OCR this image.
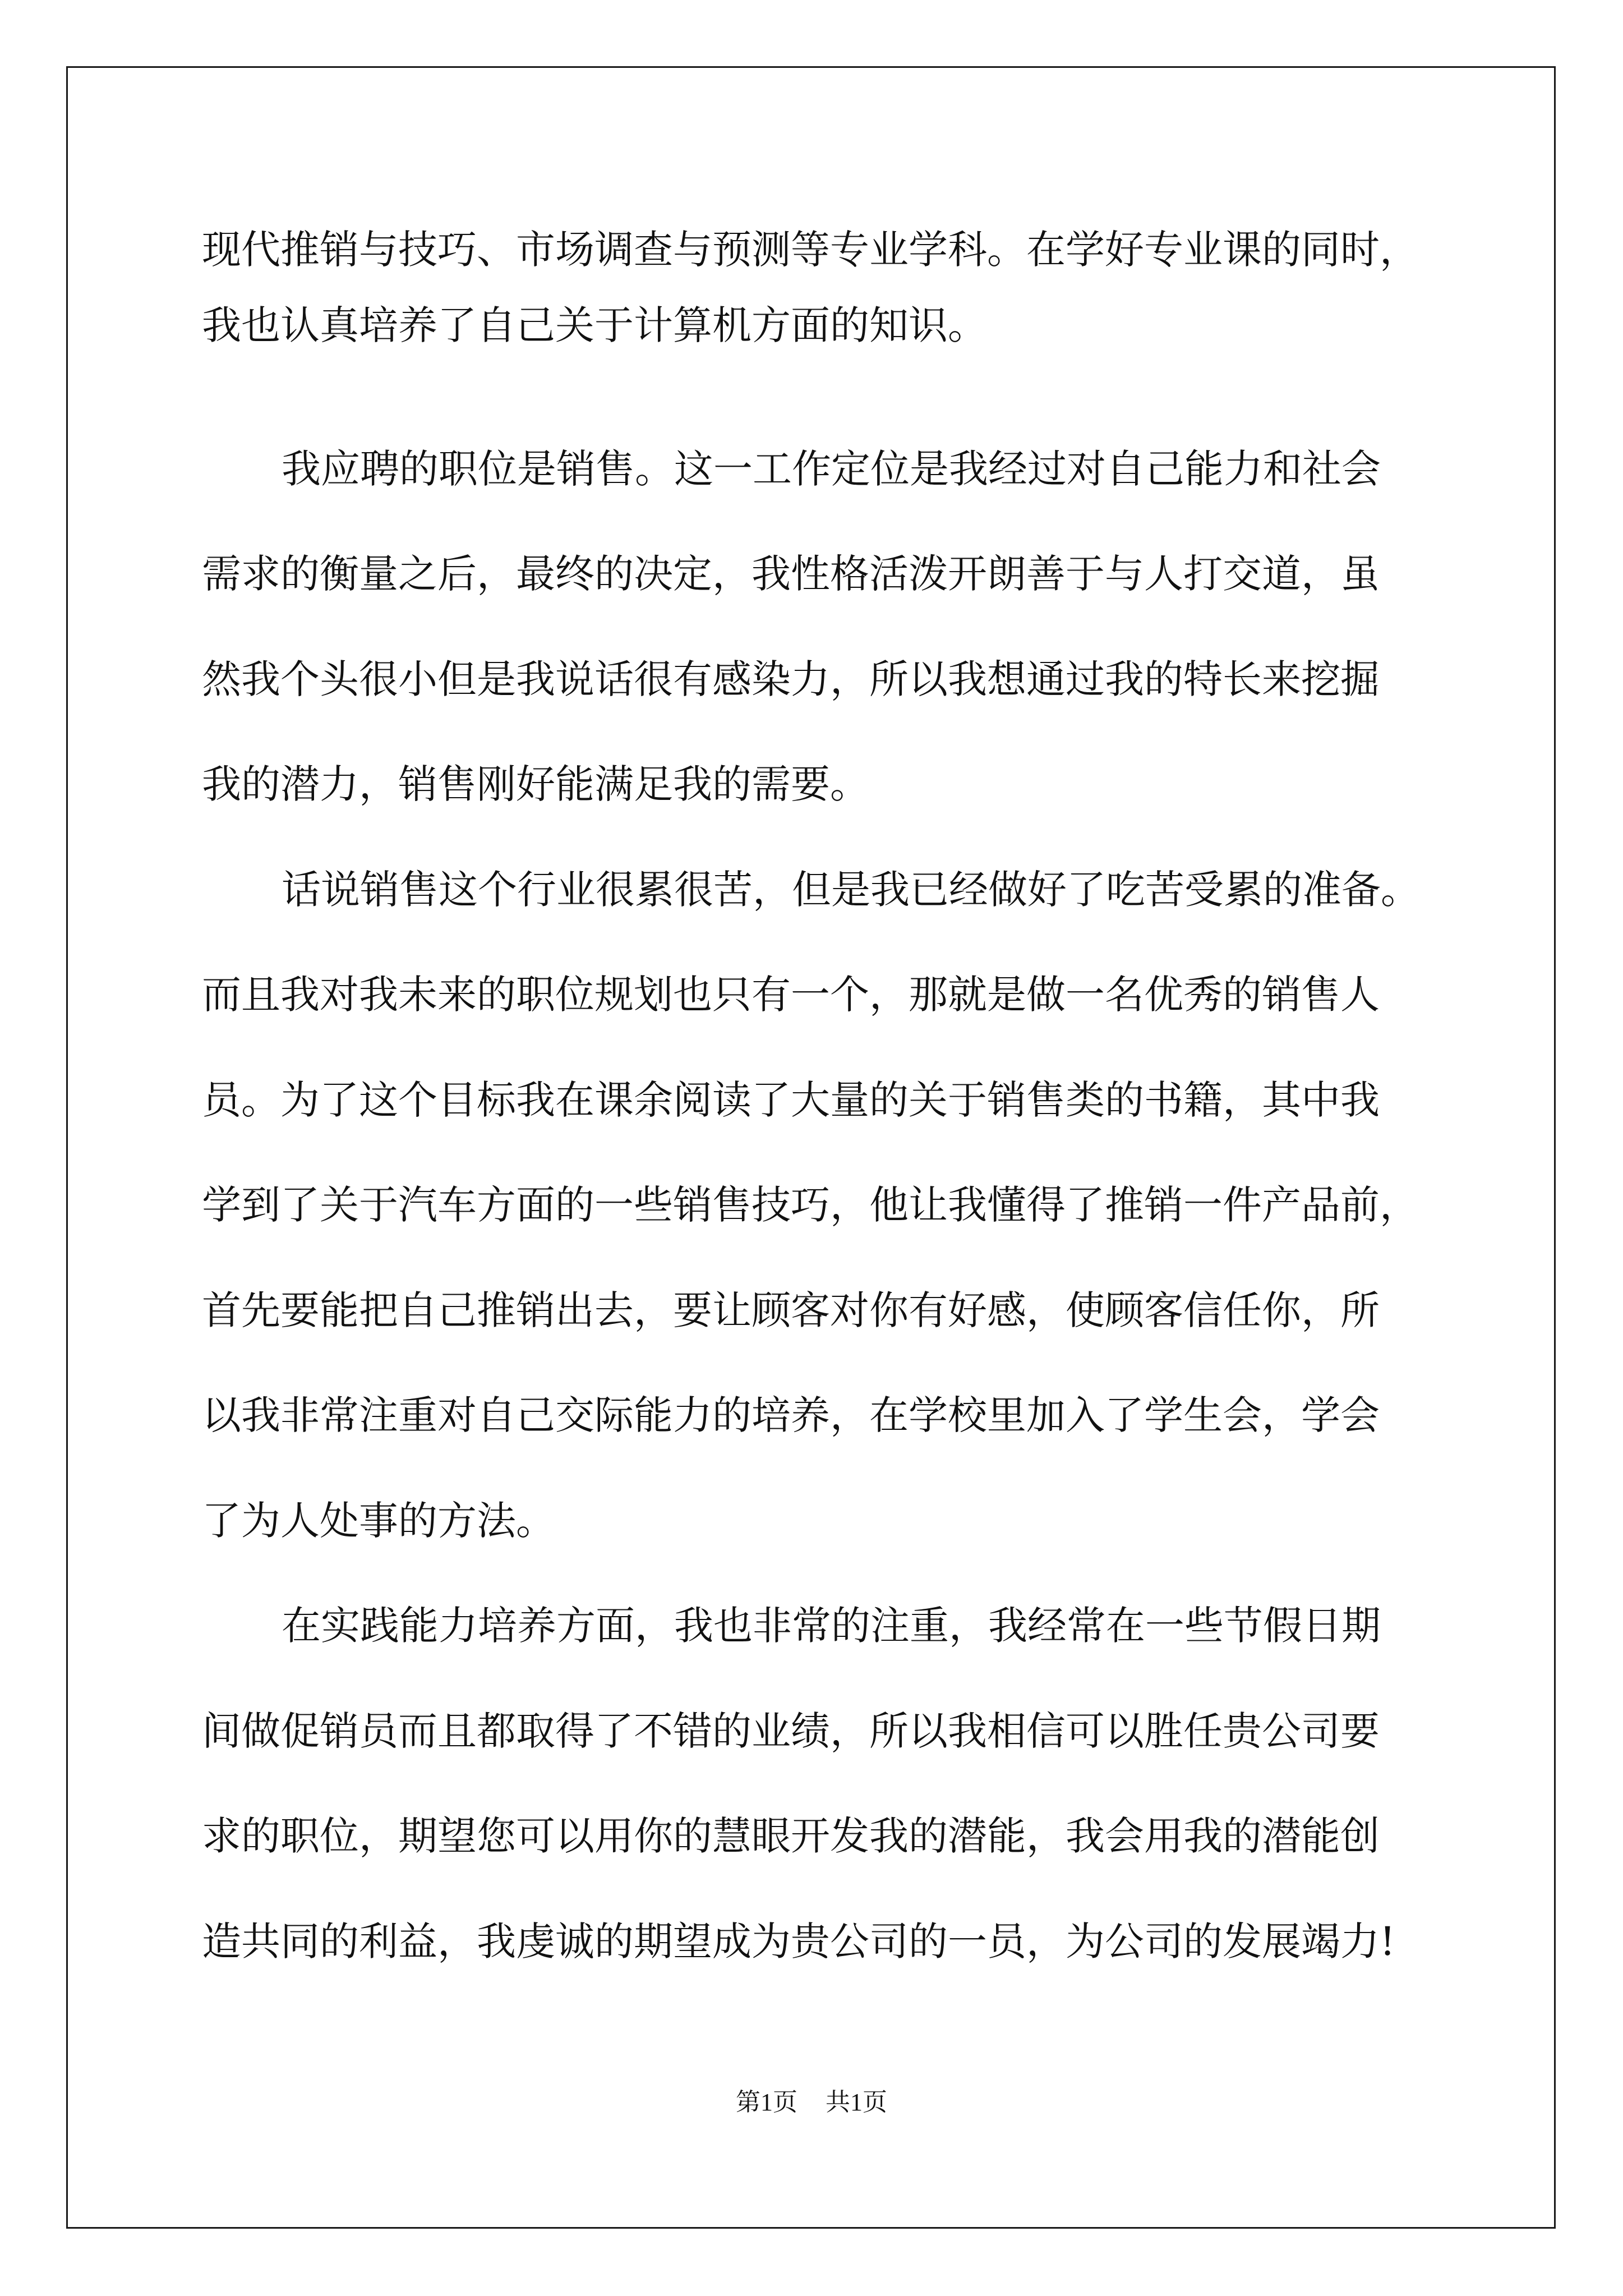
现代推销与技巧、市场调查与预测等专业学科。在学好专业课的同时，

我也认真培养了自己关于计算机方面的知识。

我应聘的职位是销售。这一工作定位是我经过对自己能力和社会

需求的衡量之后，最终的决定，我性格活泼开朗善于与人打交道，虽

然我个头很小但是我说话很有感染力，所以我想通过我的特长来挖掘

我的潜力，销售刚好能满足我的需要。

话说销售这个行业很累很苦，但是我已经做好了吃苦受累的准备。

而且我对我未来的职位规划也只有一个，那就是做一名优秀的销售人

员。为了这个目标我在课余阅读了大量的关于销售类的书籍，其中我

学到了关于汽车方面的一些销售技巧，他让我懂得了推销一件产品前，

首先要能把自己推销出去，要让顾客对你有好感，使顾客信任你，所

以我非常注重对自己交际能力的培养，在学校里加入了学生会，学会

了为人处事的方法。

在实践能力培养方面，我也非常的注重，我经常在一些节假日期

间做促销员而且都取得了不错的业绩，所以我相信可以胜任贵公司要

求的职位，期望您可以用你的慧眼开发我的潜能，我会用我的潜能创

造共同的利益，我虔诚的期望成为贵公司的一员，为公司的发展竭力!

第1页 共1页
